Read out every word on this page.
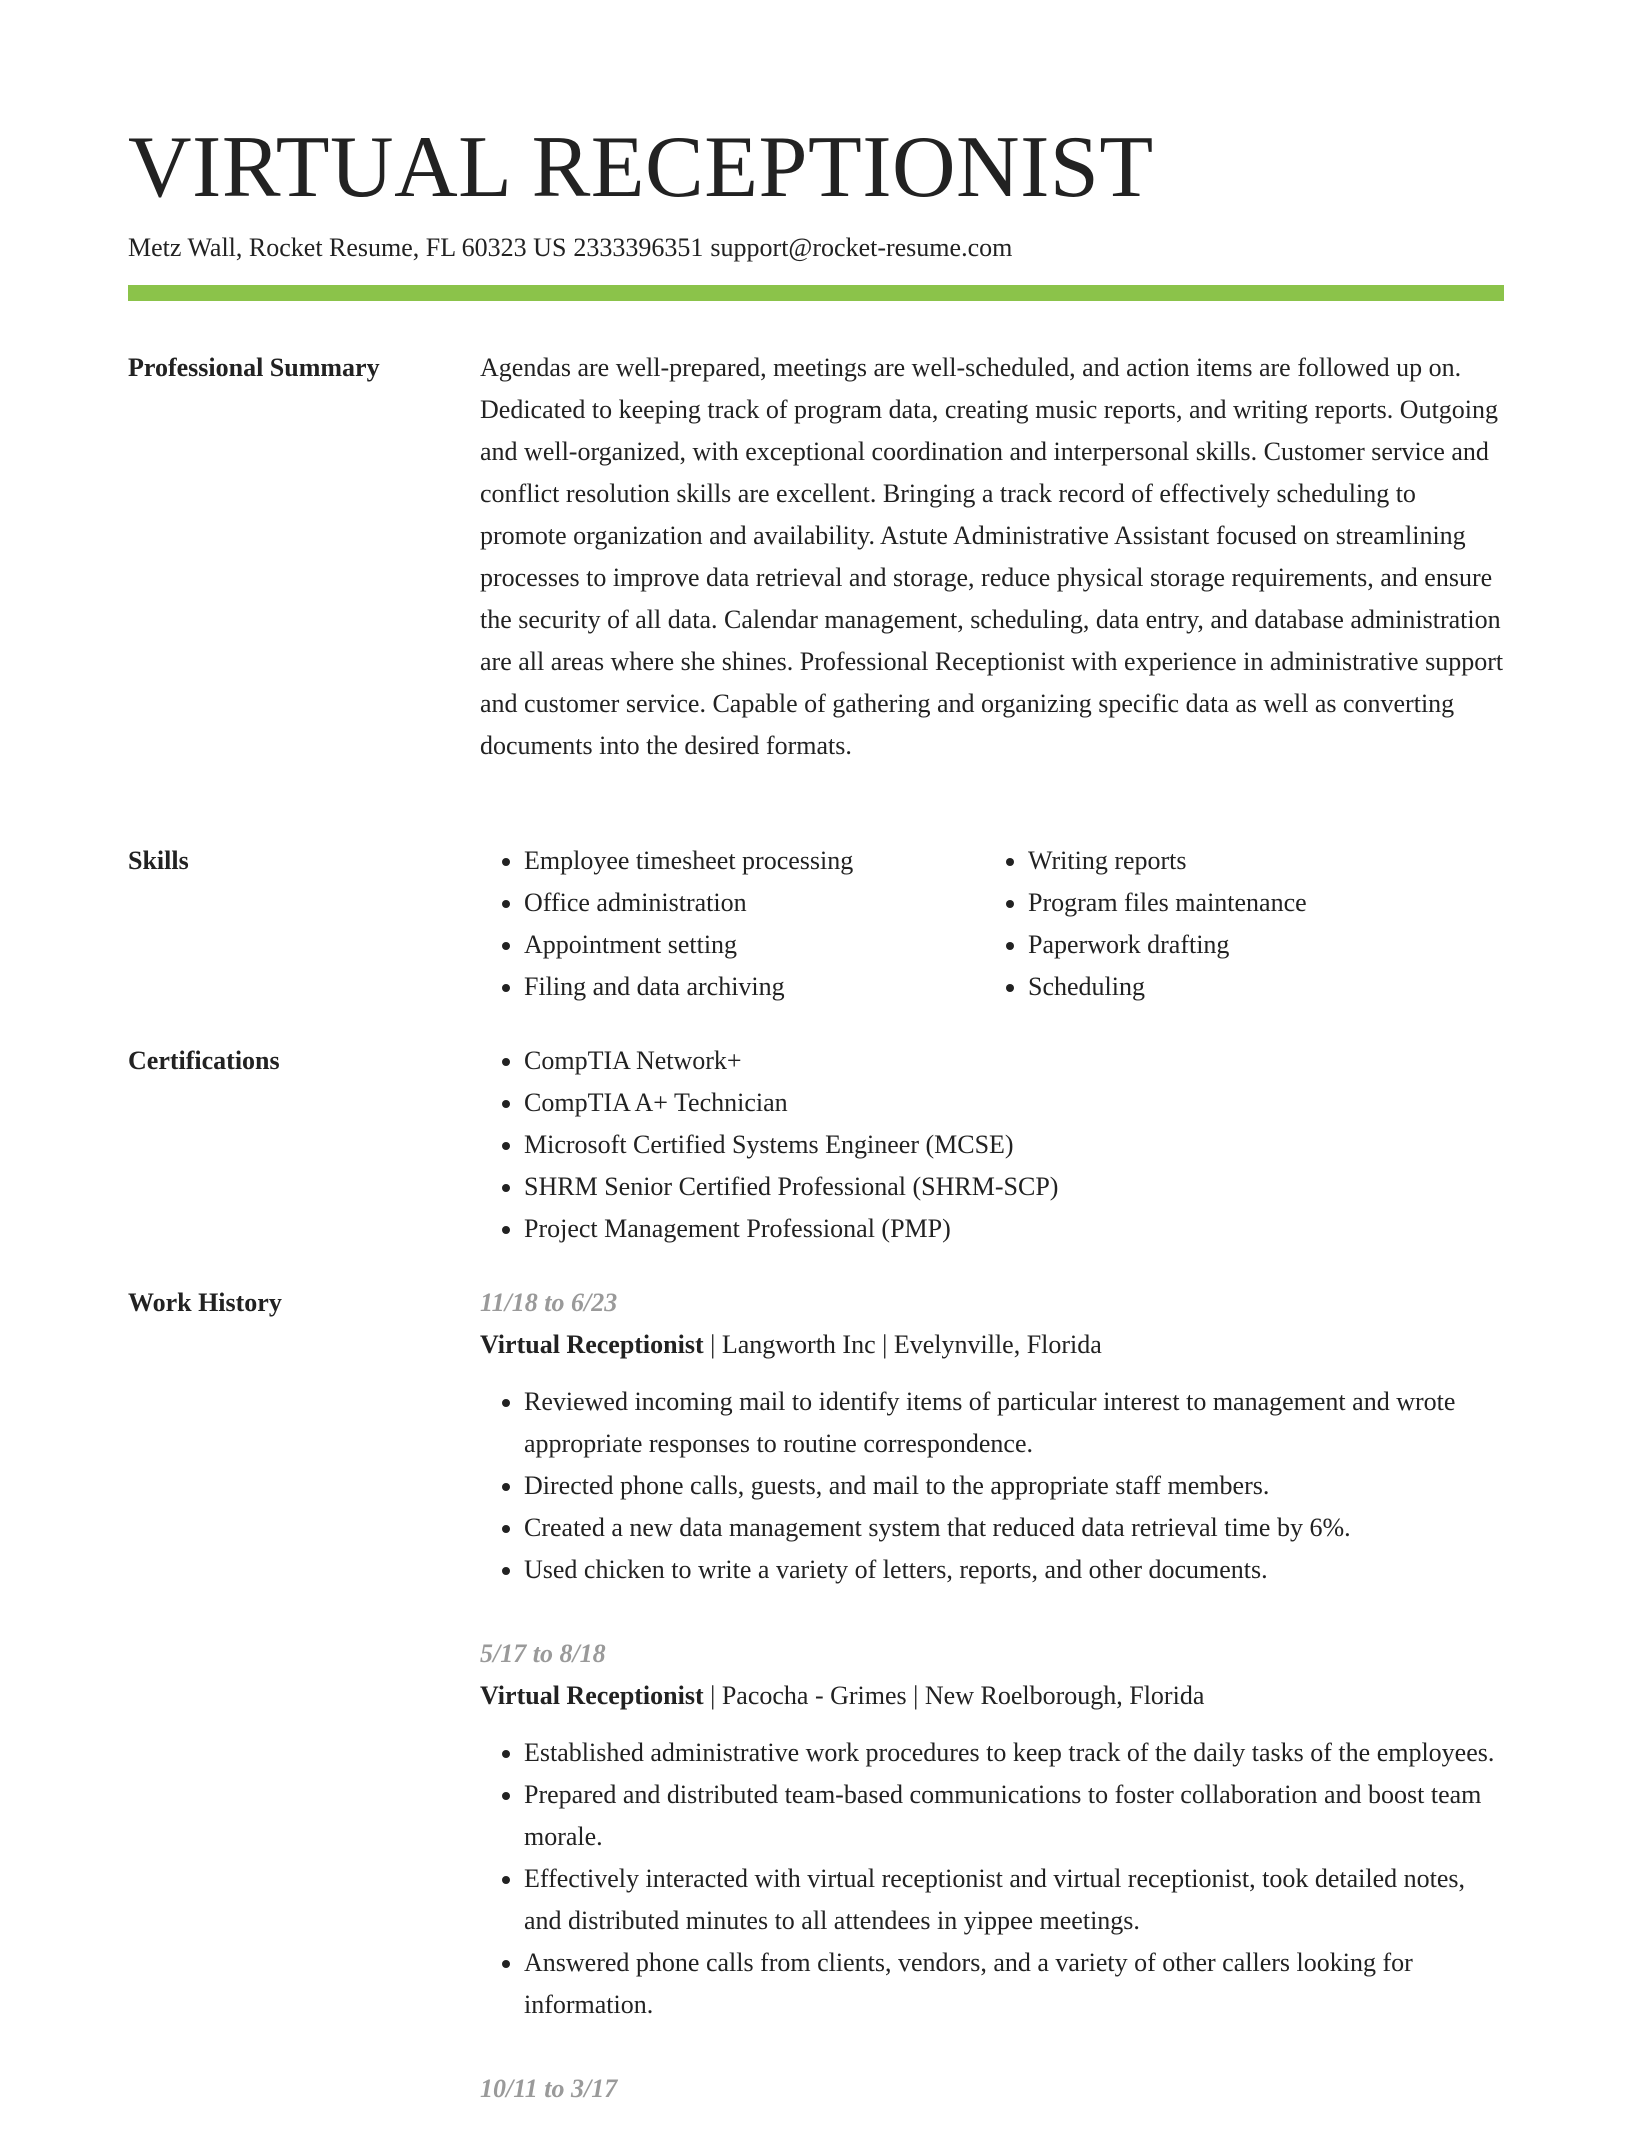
VIRTUAL RECEPTIONIST
Metz Wall, Rocket Resume, FL 60323 US 2333396351 support@rocket-resume.com
Professional Summary	Agendas are well-prepared, meetings are well-scheduled, and action items are followed up on. Dedicated to keeping track of program data, creating music reports, and writing reports. Outgoing and well-organized, with exceptional coordination and interpersonal skills. Customer service and conflict resolution skills are excellent. Bringing a track record of effectively scheduling to promote organization and availability. Astute Administrative Assistant focused on streamlining processes to improve data retrieval and storage, reduce physical storage requirements, and ensure the security of all data. Calendar management, scheduling, data entry, and database administration are all areas where she shines. Professional Receptionist with experience in administrative support and customer service. Capable of gathering and organizing specific data as well as converting documents into the desired formats.
Skills	• Employee timesheet processing
• Office administration
• Appointment setting
• Filing and data archiving
• Writing reports
• Program files maintenance
• Paperwork drafting
• Scheduling
Certifications	• CompTIA Network+
• CompTIA A+ Technician
• Microsoft Certified Systems Engineer (MCSE)
• SHRM Senior Certified Professional (SHRM-SCP)
• Project Management Professional (PMP)
Work History	11/18 to 6/23
Virtual Receptionist | Langworth Inc | Evelynville, Florida
• Reviewed incoming mail to identify items of particular interest to management and wrote appropriate responses to routine correspondence.
• Directed phone calls, guests, and mail to the appropriate staff members.
• Created a new data management system that reduced data retrieval time by 6%.
• Used chicken to write a variety of letters, reports, and other documents.
5/17 to 8/18
Virtual Receptionist | Pacocha - Grimes | New Roelborough, Florida
• Established administrative work procedures to keep track of the daily tasks of the employees.
• Prepared and distributed team-based communications to foster collaboration and boost team morale.
• Effectively interacted with virtual receptionist and virtual receptionist, took detailed notes, and distributed minutes to all attendees in yippee meetings.
• Answered phone calls from clients, vendors, and a variety of other callers looking for information.
10/11 to 3/17
